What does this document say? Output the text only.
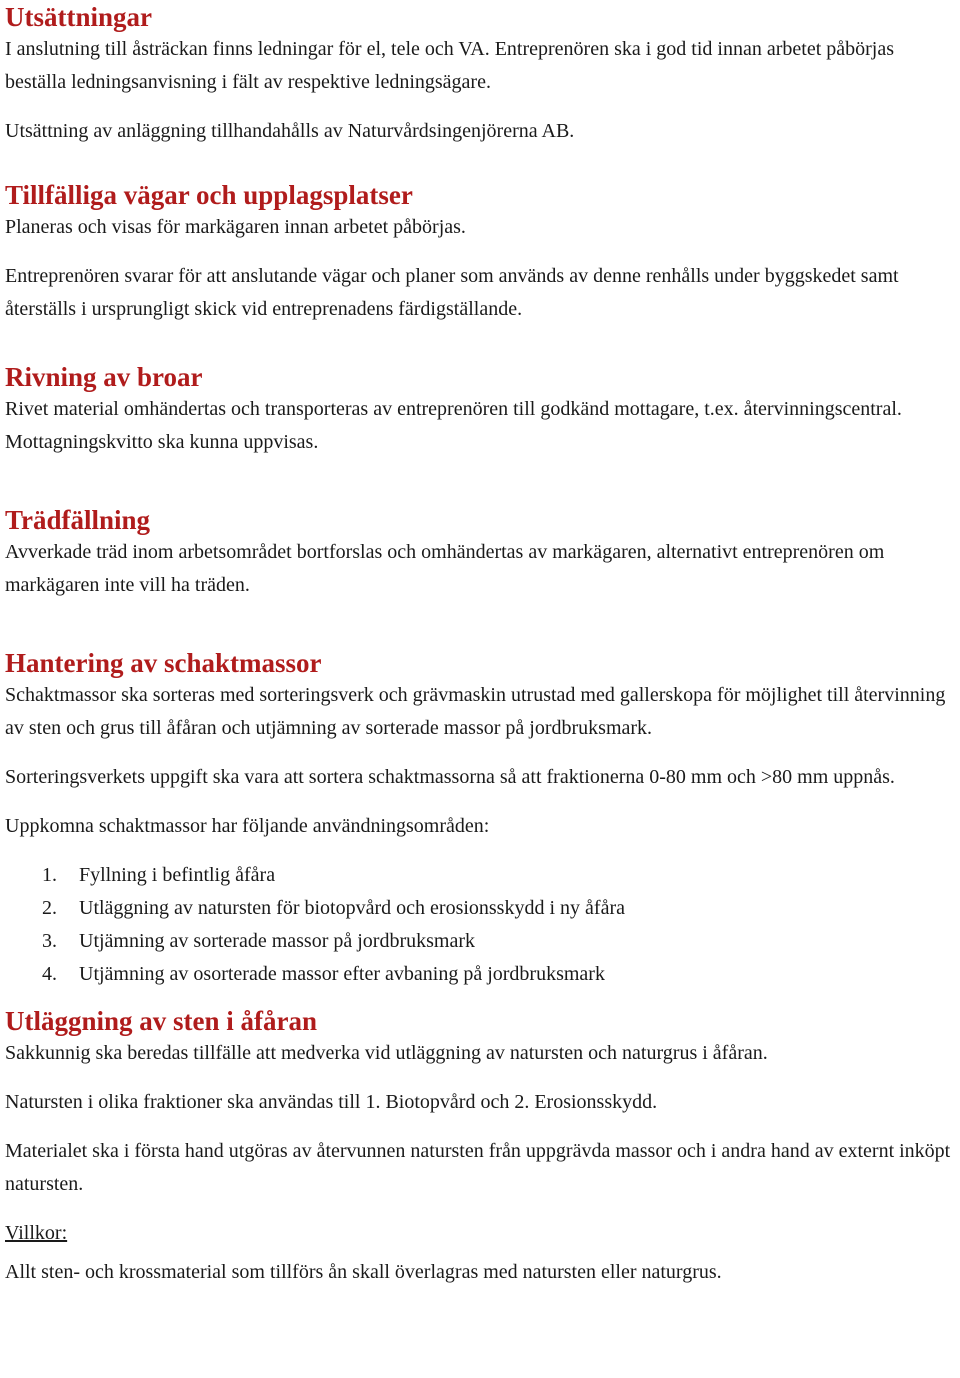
Utsättningar

I anslutning till åsträckan finns ledningar för el, tele och VA. Entreprenören ska i god tid innan arbetet påbörjas beställa ledningsanvisning i fält av respektive ledningsägare.

Utsättning av anläggning tillhandahålls av Naturvårdsingenjörerna AB.

Tillfälliga vägar och upplagsplatser

Planeras och visas för markägaren innan arbetet påbörjas.

Entreprenören svarar för att anslutande vägar och planer som används av denne renhålls under byggskedet samt återställs i ursprungligt skick vid entreprenadens färdigställande.

Rivning av broar

Rivet material omhändertas och transporteras av entreprenören till godkänd mottagare, t.ex. återvinningscentral. Mottagningskvitto ska kunna uppvisas.

Trädfällning

Avverkade träd inom arbetsområdet bortforslas och omhändertas av markägaren, alternativt entreprenören om markägaren inte vill ha träden.

Hantering av schaktmassor

Schaktmassor ska sorteras med sorteringsverk och grävmaskin utrustad med gallerskopa för möjlighet till återvinning av sten och grus till åfåran och utjämning av sorterade massor på jordbruksmark.

Sorteringsverkets uppgift ska vara att sortera schaktmassorna så att fraktionerna 0-80 mm och >80 mm uppnås.

Uppkomna schaktmassor har följande användningsområden:

1.	Fyllning i befintlig åfåra
2.	Utläggning av natursten för biotopvård och erosionsskydd i ny åfåra
3.	Utjämning av sorterade massor på jordbruksmark
4.	Utjämning av osorterade massor efter avbaning på jordbruksmark
Utläggning av sten i åfåran

Sakkunnig ska beredas tillfälle att medverka vid utläggning av natursten och naturgrus i åfåran.

Natursten i olika fraktioner ska användas till 1. Biotopvård och 2. Erosionsskydd.

Materialet ska i första hand utgöras av återvunnen natursten från uppgrävda massor och i andra hand av externt inköpt natursten.

Villkor:

Allt sten- och krossmaterial som tillförs ån skall överlagras med natursten eller naturgrus.
